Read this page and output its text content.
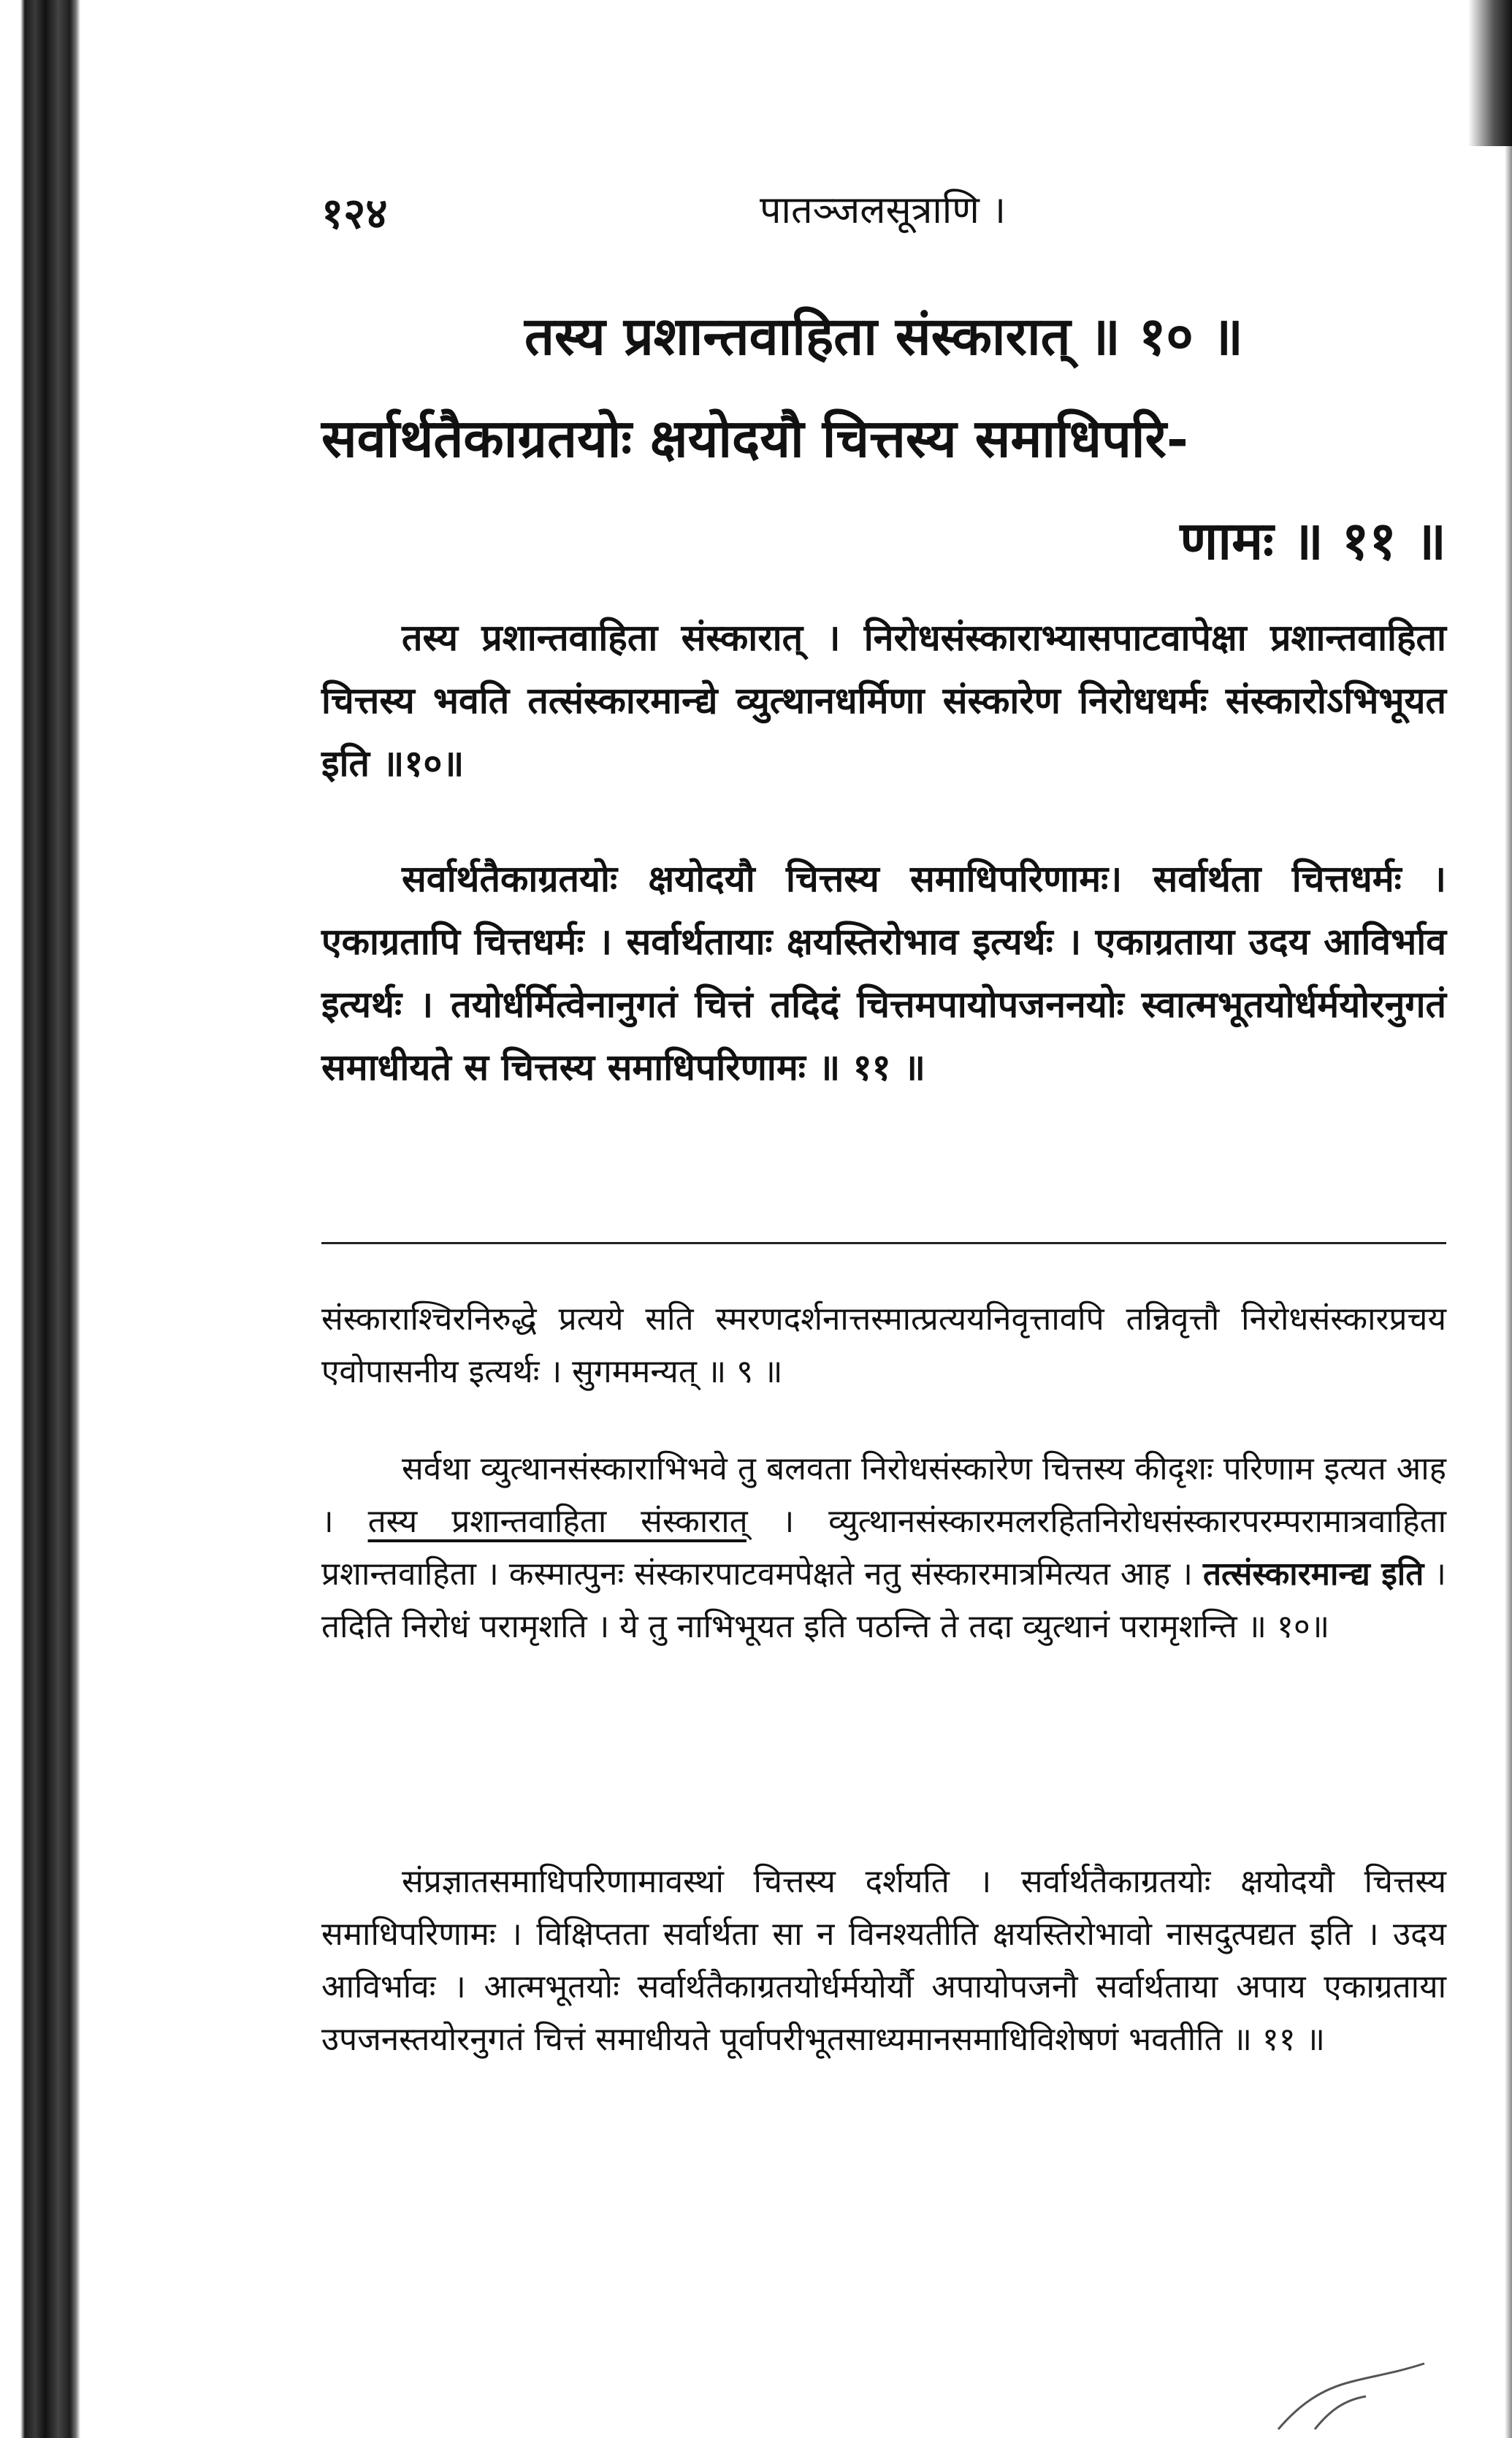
१२४	पातञ्जलसूत्राणि ।
तस्य प्रशान्तवाहिता संस्कारात् ॥ १० ॥
सर्वार्थतैकाग्रतयोः क्षयोदयौ चित्तस्य समाधिपरि-
णामः ॥ ११ ॥

तस्य प्रशान्तवाहिता संस्कारात् । निरोधसंस्काराभ्यासपाटवापेक्षा प्रशान्तवाहिता चित्तस्य भवति तत्संस्कारमान्द्ये व्युत्थानधर्मिणा संस्कारेण निरोधधर्मः संस्कारोऽभिभूयत इति ॥१०॥

सर्वार्थतैकाग्रतयोः क्षयोदयौ चित्तस्य समाधिपरिणामः। सर्वार्थता चित्तधर्मः । एकाग्रतापि चित्तधर्मः । सर्वार्थतायाः क्षयस्तिरोभाव इत्यर्थः । एकाग्रताया उदय आविर्भाव इत्यर्थः । तयोर्धर्मित्वेनानुगतं चित्तं तदिदं चित्तमपायोपजननयोः स्वात्मभूतयोर्धर्मयोरनुगतं समाधीयते स चित्तस्य समाधिपरिणामः ॥ ११ ॥

संस्काराश्चिरनिरुद्धे प्रत्यये सति स्मरणदर्शनात्तस्मात्प्रत्ययनिवृत्तावपि तन्निवृत्तौ निरोधसंस्कारप्रचय एवोपासनीय इत्यर्थः । सुगममन्यत् ॥ ९ ॥

सर्वथा व्युत्थानसंस्काराभिभवे तु बलवता निरोधसंस्कारेण चित्तस्य कीदृशः परिणाम इत्यत आह । तस्य प्रशान्तवाहिता संस्कारात् । व्युत्थानसंस्कारमलरहितनिरोधसंस्कारपरम्परामात्रवाहिता प्रशान्तवाहिता । कस्मात्पुनः संस्कारपाटवमपेक्षते नतु संस्कारमात्रमित्यत आह । तत्संस्कारमान्द्य इति । तदिति निरोधं परामृशति । ये तु नाभिभूयत इति पठन्ति ते तदा व्युत्थानं परामृशन्ति ॥ १०॥

संप्रज्ञातसमाधिपरिणामावस्थां चित्तस्य दर्शयति । सर्वार्थतैकाग्रतयोः क्षयोदयौ चित्तस्य समाधिपरिणामः । विक्षिप्तता सर्वार्थता सा न विनश्यतीति क्षयस्तिरोभावो नासदुत्पद्यत इति । उदय आविर्भावः । आत्मभूतयोः सर्वार्थतैकाग्रतयोर्धर्मयोर्यौ अपायोपजनौ सर्वार्थताया अपाय एकाग्रताया उपजनस्तयोरनुगतं चित्तं समाधीयते पूर्वापरीभूतसाध्यमानसमाधिविशेषणं भवतीति ॥ ११ ॥
